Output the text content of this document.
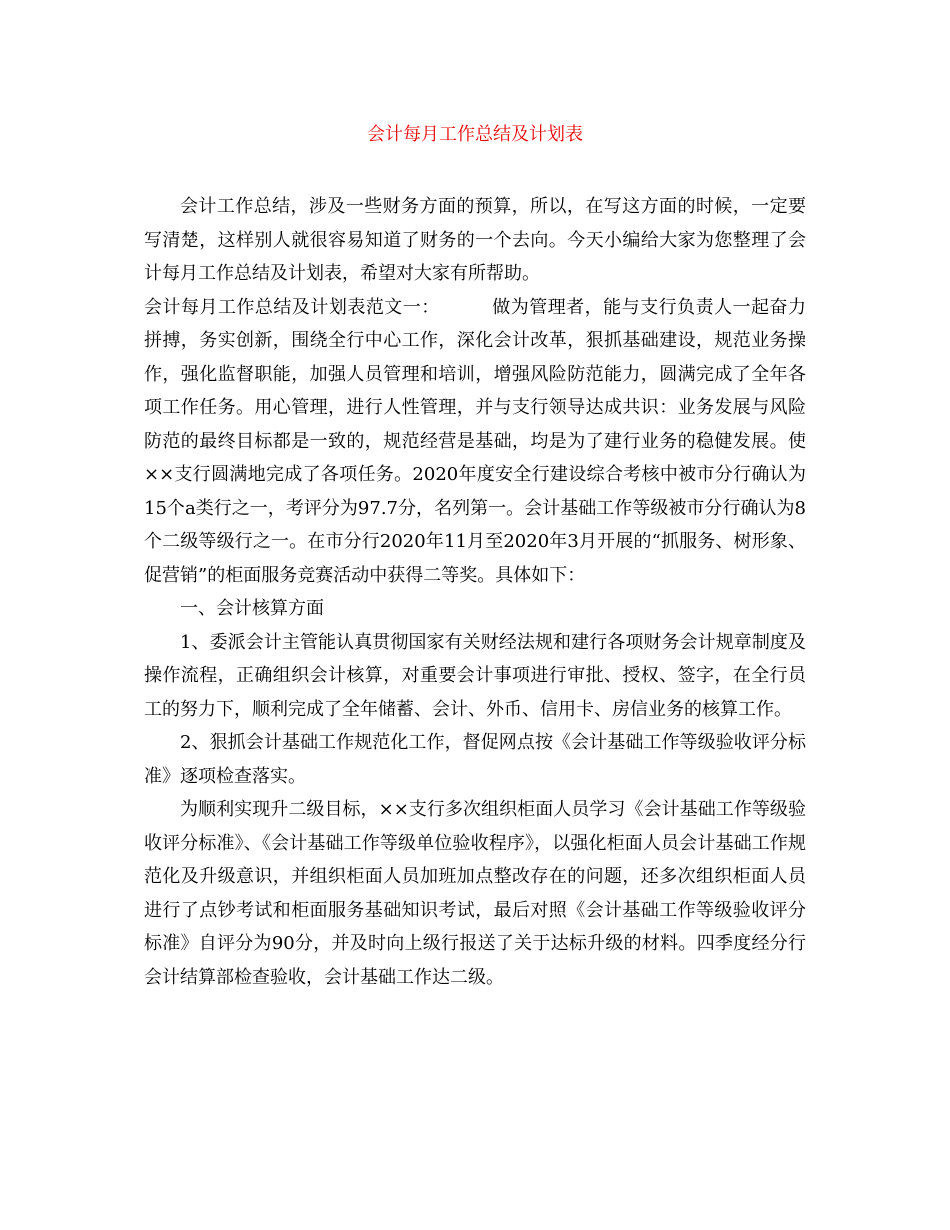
会计每月工作总结及计划表

会计工作总结，涉及一些财务方面的预算，所以，在写这方面的时候，一定要写清楚，这样别人就很容易知道了财务的一个去向。今天小编给大家为您整理了会计每月工作总结及计划表，希望对大家有所帮助。

会计每月工作总结及计划表范文一：	做为管理者，能与支行负责人一起奋力拼搏，务实创新，围绕全行中心工作，深化会计改革，狠抓基础建设，规范业务操作，强化监督职能，加强人员管理和培训，增强风险防范能力，圆满完成了全年各项工作任务。用心管理，进行人性管理，并与支行领导达成共识：业务发展与风险防范的最终目标都是一致的，规范经营是基础，均是为了建行业务的稳健发展。使××支行圆满地完成了各项任务。2020年度安全行建设综合考核中被市分行确认为15个a类行之一，考评分为97.7分，名列第一。会计基础工作等级被市分行确认为8个二级等级行之一。在市分行2020年11月至2020年3月开展的“抓服务、树形象、促营销”的柜面服务竞赛活动中获得二等奖。具体如下：

一、会计核算方面

1、委派会计主管能认真贯彻国家有关财经法规和建行各项财务会计规章制度及操作流程，正确组织会计核算，对重要会计事项进行审批、授权、签字，在全行员工的努力下，顺利完成了全年储蓄、会计、外币、信用卡、房信业务的核算工作。

2、狠抓会计基础工作规范化工作，督促网点按《会计基础工作等级验收评分标准》逐项检查落实。

为顺利实现升二级目标，××支行多次组织柜面人员学习《会计基础工作等级验收评分标准》、《会计基础工作等级单位验收程序》，以强化柜面人员会计基础工作规范化及升级意识，并组织柜面人员加班加点整改存在的问题，还多次组织柜面人员进行了点钞考试和柜面服务基础知识考试，最后对照《会计基础工作等级验收评分标准》自评分为90分，并及时向上级行报送了关于达标升级的材料。四季度经分行会计结算部检查验收，会计基础工作达二级。
